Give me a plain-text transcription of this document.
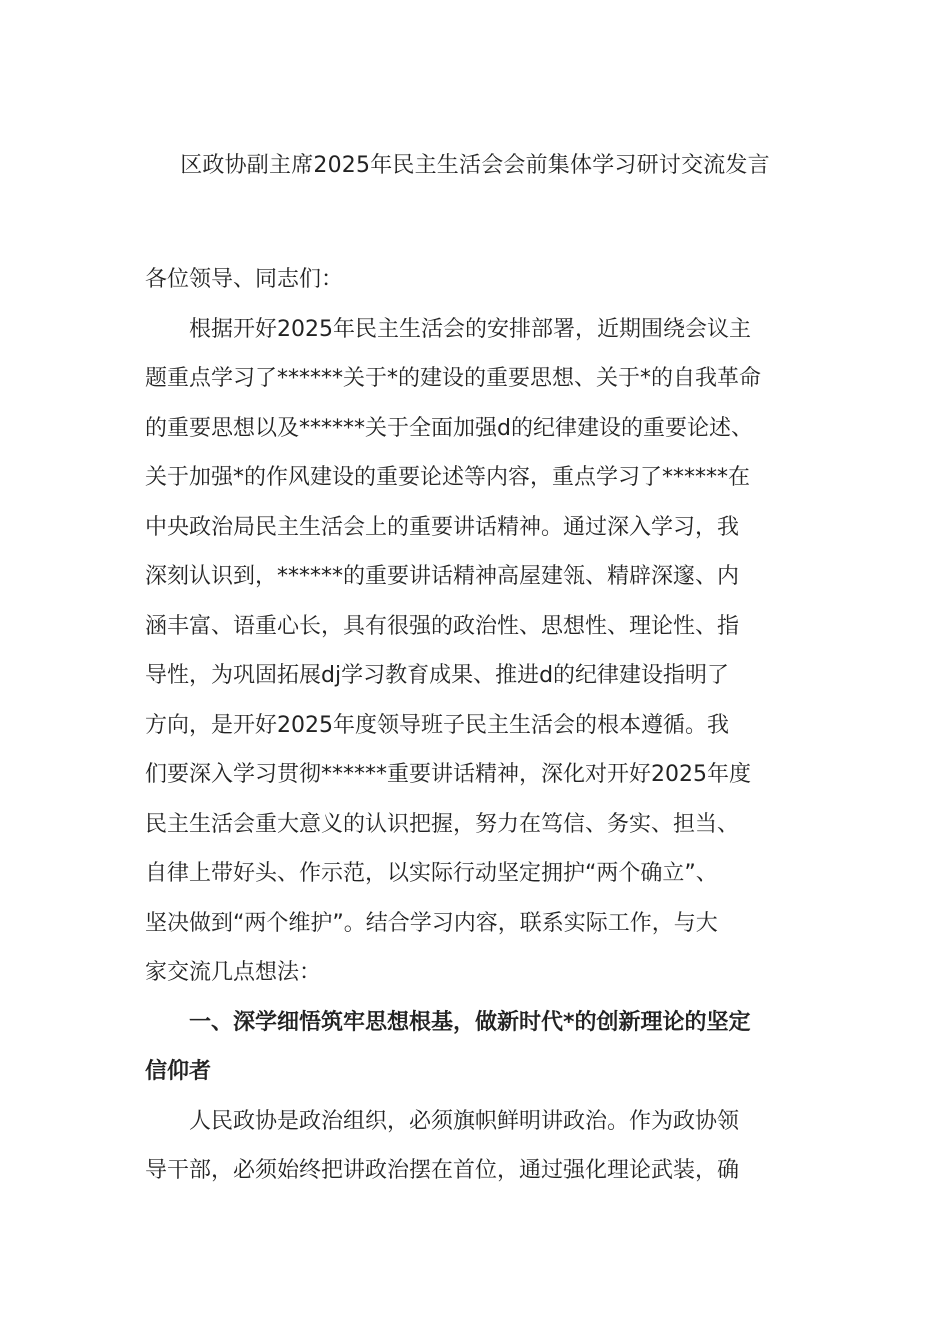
区政协副主席2025年民主生活会会前集体学习研讨交流发言
各位领导、同志们：
根据开好2025年民主生活会的安排部署，近期围绕会议主
题重点学习了******关于*的建设的重要思想、关于*的自我革命
的重要思想以及******关于全面加强d的纪律建设的重要论述、
关于加强*的作风建设的重要论述等内容，重点学习了******在
中央政治局民主生活会上的重要讲话精神。通过深入学习，我
深刻认识到，******的重要讲话精神高屋建瓴、精辟深邃、内
涵丰富、语重心长，具有很强的政治性、思想性、理论性、指
导性，为巩固拓展dj学习教育成果、推进d的纪律建设指明了
方向，是开好2025年度领导班子民主生活会的根本遵循。我
们要深入学习贯彻******重要讲话精神，深化对开好2025年度
民主生活会重大意义的认识把握，努力在笃信、务实、担当、
自律上带好头、作示范，以实际行动坚定拥护“两个确立”、
坚决做到“两个维护”。结合学习内容，联系实际工作，与大
家交流几点想法：
一、深学细悟筑牢思想根基，做新时代*的创新理论的坚定
信仰者
人民政协是政治组织，必须旗帜鲜明讲政治。作为政协领
导干部，必须始终把讲政治摆在首位，通过强化理论武装，确
